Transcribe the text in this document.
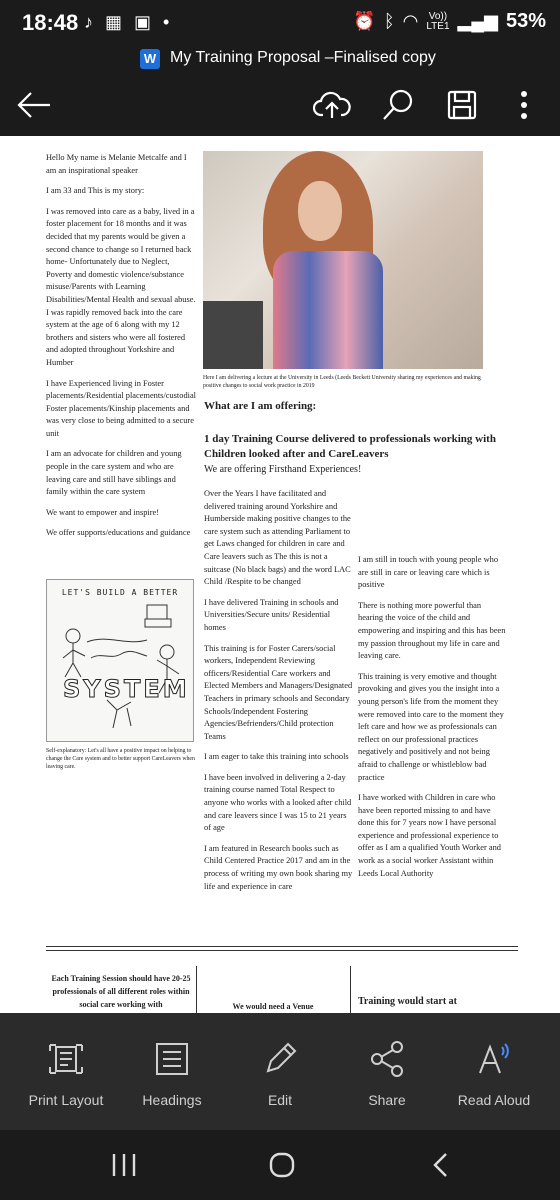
18:48 ♪ ▦ ▣ •	⏰ ᛒ ◠ Vo))
LTE1 ▂▄▆ 53%
W My Training Proposal –Finalised copy

Hello My name is Melanie Metcalfe and I am an inspirational speaker

I am 33 and This is my story:

I was removed into care as a baby, lived in a foster placement for 18 months and it was decided that my parents would be given a second chance to change so I returned back home- Unfortunately due to Neglect, Poverty and domestic violence/substance misuse/Parents with Learning Disabilities/Mental Health and sexual abuse. I was rapidly removed back into the care system at the age of 6 along with my 12 brothers and sisters who were all fostered and adopted throughout Yorkshire and Humber

I have Experienced living in Foster placements/Residential placements/custodial Foster placements/Kinship placements and was very close to being admitted to a secure unit

I am an advocate for children and young people in the care system and who are leaving care and still have siblings and family within the care system

We want to empower and inspire!

We offer supports/educations and guidance

Here I am delivering a lecture at the University in Leeds (Leeds Beckett University sharing my experiences and making positive changes to social work practice in 2019
What are I am offering:
1 day Training Course delivered to professionals working with Children looked after and CareLeavers
We are offering Firsthand Experiences!

Over the Years I have facilitated and delivered training around Yorkshire and Humberside making positive changes to the care system such as attending Parliament to get Laws changed for children in care and Care leavers such as The this is not a suitcase (No black bags) and the word LAC Child /Respite to be changed

I have delivered Training in schools and Universities/Secure units/ Residential homes

This training is for Foster Carers/social workers, Independent Reviewing officers/Residential Care workers and Elected Members and Managers/Designated Teachers in primary schools and Secondary Schools/Independent Fostering Agencies/Befrienders/Child protection Teams

I am eager to take this training into schools

I have been involved in delivering a 2-day training course named Total Respect to anyone who works with a looked after child and care leavers since I was 15 to 21 years of age

I am featured in Research books such as Child Centered Practice 2017 and am in the process of writing my own book sharing my life and experience in care

I am still in touch with young people who are still in care or leaving care which is positive

There is nothing more powerful than hearing the voice of the child and empowering and inspiring and this has been my passion throughout my life in care and leaving care.

This training is very emotive and thought provoking and gives you the insight into a young person's life from the moment they were removed into care to the moment they left care and how we as professionals can reflect on our professional practices negatively and positively and not being afraid to challenge or whistleblow bad practice

I have worked with Children in care who have been reported missing to and have done this for 7 years now I have personal experience and professional experience to offer as I am a qualified Youth Worker and work as a social worker Assistant within Leeds Local Authority

LET'S BUILD A BETTER
SYSTEM
Self-explanatory: Let's all have a positive impact on helping to change the Care system and to better support CareLeavers when leaving care.
Each Training Session should have 20-25 professionals of all different roles within social care working with	We would need a Venue	Training would start at
Print Layout	Headings	Edit	Share	Read Aloud
